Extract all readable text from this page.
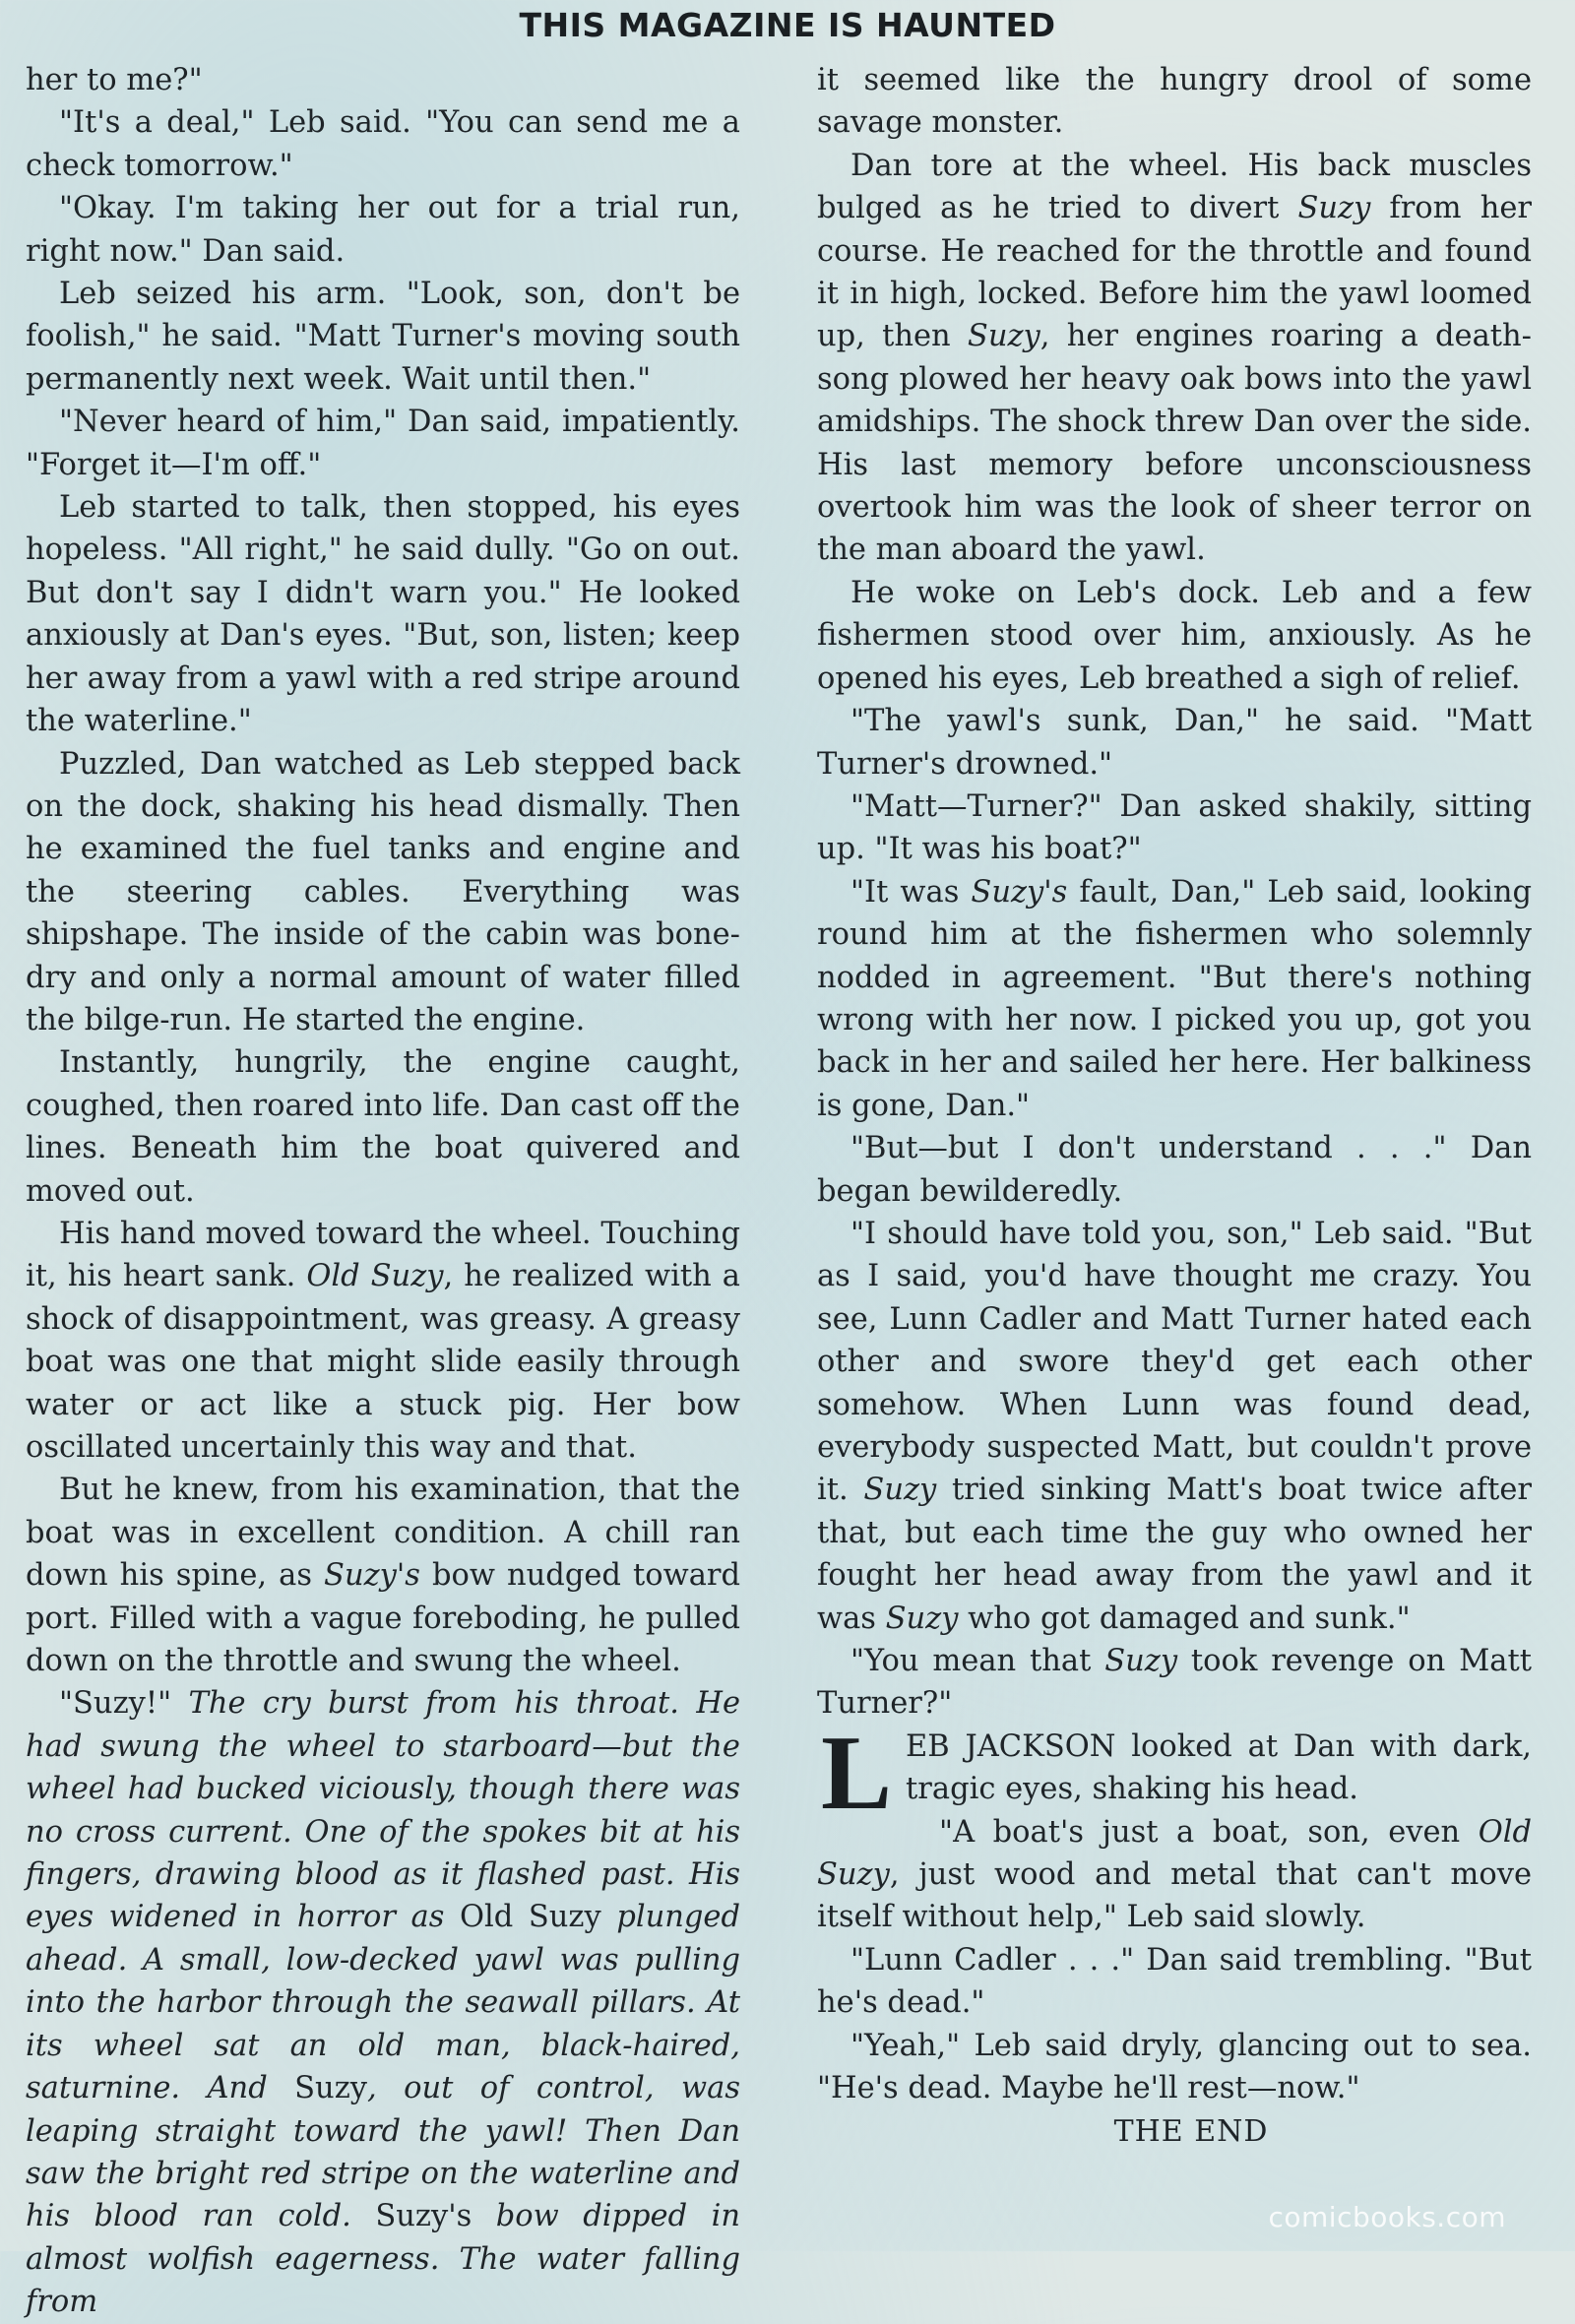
THIS MAGAZINE IS HAUNTED

her to me?"

"It's a deal," Leb said. "You can send me a check tomorrow."

"Okay. I'm taking her out for a trial run, right now." Dan said.

Leb seized his arm. "Look, son, don't be foolish," he said. "Matt Turner's moving south permanently next week. Wait until then."

"Never heard of him," Dan said, impatiently. "Forget it—I'm off."

Leb started to talk, then stopped, his eyes hopeless. "All right," he said dully. "Go on out. But don't say I didn't warn you." He looked anxiously at Dan's eyes. "But, son, listen; keep her away from a yawl with a red stripe around the waterline."

Puzzled, Dan watched as Leb stepped back on the dock, shaking his head dismally. Then he examined the fuel tanks and engine and the steering cables. Everything was shipshape. The inside of the cabin was bone-dry and only a normal amount of water filled the bilge-run. He started the engine.

Instantly, hungrily, the engine caught, coughed, then roared into life. Dan cast off the lines. Beneath him the boat quivered and moved out.

His hand moved toward the wheel. Touching it, his heart sank. Old Suzy, he realized with a shock of disappointment, was greasy. A greasy boat was one that might slide easily through water or act like a stuck pig. Her bow oscillated uncertainly this way and that.

But he knew, from his examination, that the boat was in excellent condition. A chill ran down his spine, as Suzy's bow nudged toward port. Filled with a vague foreboding, he pulled down on the throttle and swung the wheel.

"Suzy!" The cry burst from his throat. He had swung the wheel to starboard—but the wheel had bucked viciously, though there was no cross current. One of the spokes bit at his fingers, drawing blood as it flashed past. His eyes widened in horror as Old Suzy plunged ahead. A small, low-decked yawl was pulling into the harbor through the seawall pillars. At its wheel sat an old man, black-haired, saturnine. And Suzy, out of control, was leaping straight toward the yawl! Then Dan saw the bright red stripe on the waterline and his blood ran cold. Suzy's bow dipped in almost wolfish eagerness. The water falling from

it seemed like the hungry drool of some savage monster.

Dan tore at the wheel. His back muscles bulged as he tried to divert Suzy from her course. He reached for the throttle and found it in high, locked. Before him the yawl loomed up, then Suzy, her engines roaring a death-song plowed her heavy oak bows into the yawl amidships. The shock threw Dan over the side. His last memory before unconsciousness overtook him was the look of sheer terror on the man aboard the yawl.

He woke on Leb's dock. Leb and a few fishermen stood over him, anxiously. As he opened his eyes, Leb breathed a sigh of relief.

"The yawl's sunk, Dan," he said. "Matt Turner's drowned."

"Matt—Turner?" Dan asked shakily, sitting up. "It was his boat?"

"It was Suzy's fault, Dan," Leb said, looking round him at the fishermen who solemnly nodded in agreement. "But there's nothing wrong with her now. I picked you up, got you back in her and sailed her here. Her balkiness is gone, Dan."

"But—but I don't understand . . ." Dan began bewilderedly.

"I should have told you, son," Leb said. "But as I said, you'd have thought me crazy. You see, Lunn Cadler and Matt Turner hated each other and swore they'd get each other somehow. When Lunn was found dead, everybody suspected Matt, but couldn't prove it. Suzy tried sinking Matt's boat twice after that, but each time the guy who owned her fought her head away from the yawl and it was Suzy who got damaged and sunk."

"You mean that Suzy took revenge on Matt Turner?"

LEB JACKSON looked at Dan with dark, tragic eyes, shaking his head.

"A boat's just a boat, son, even Old Suzy, just wood and metal that can't move itself without help," Leb said slowly.

"Lunn Cadler . . ." Dan said trembling. "But he's dead."

"Yeah," Leb said dryly, glancing out to sea. "He's dead. Maybe he'll rest—now."

THE END

comicbooks.com
